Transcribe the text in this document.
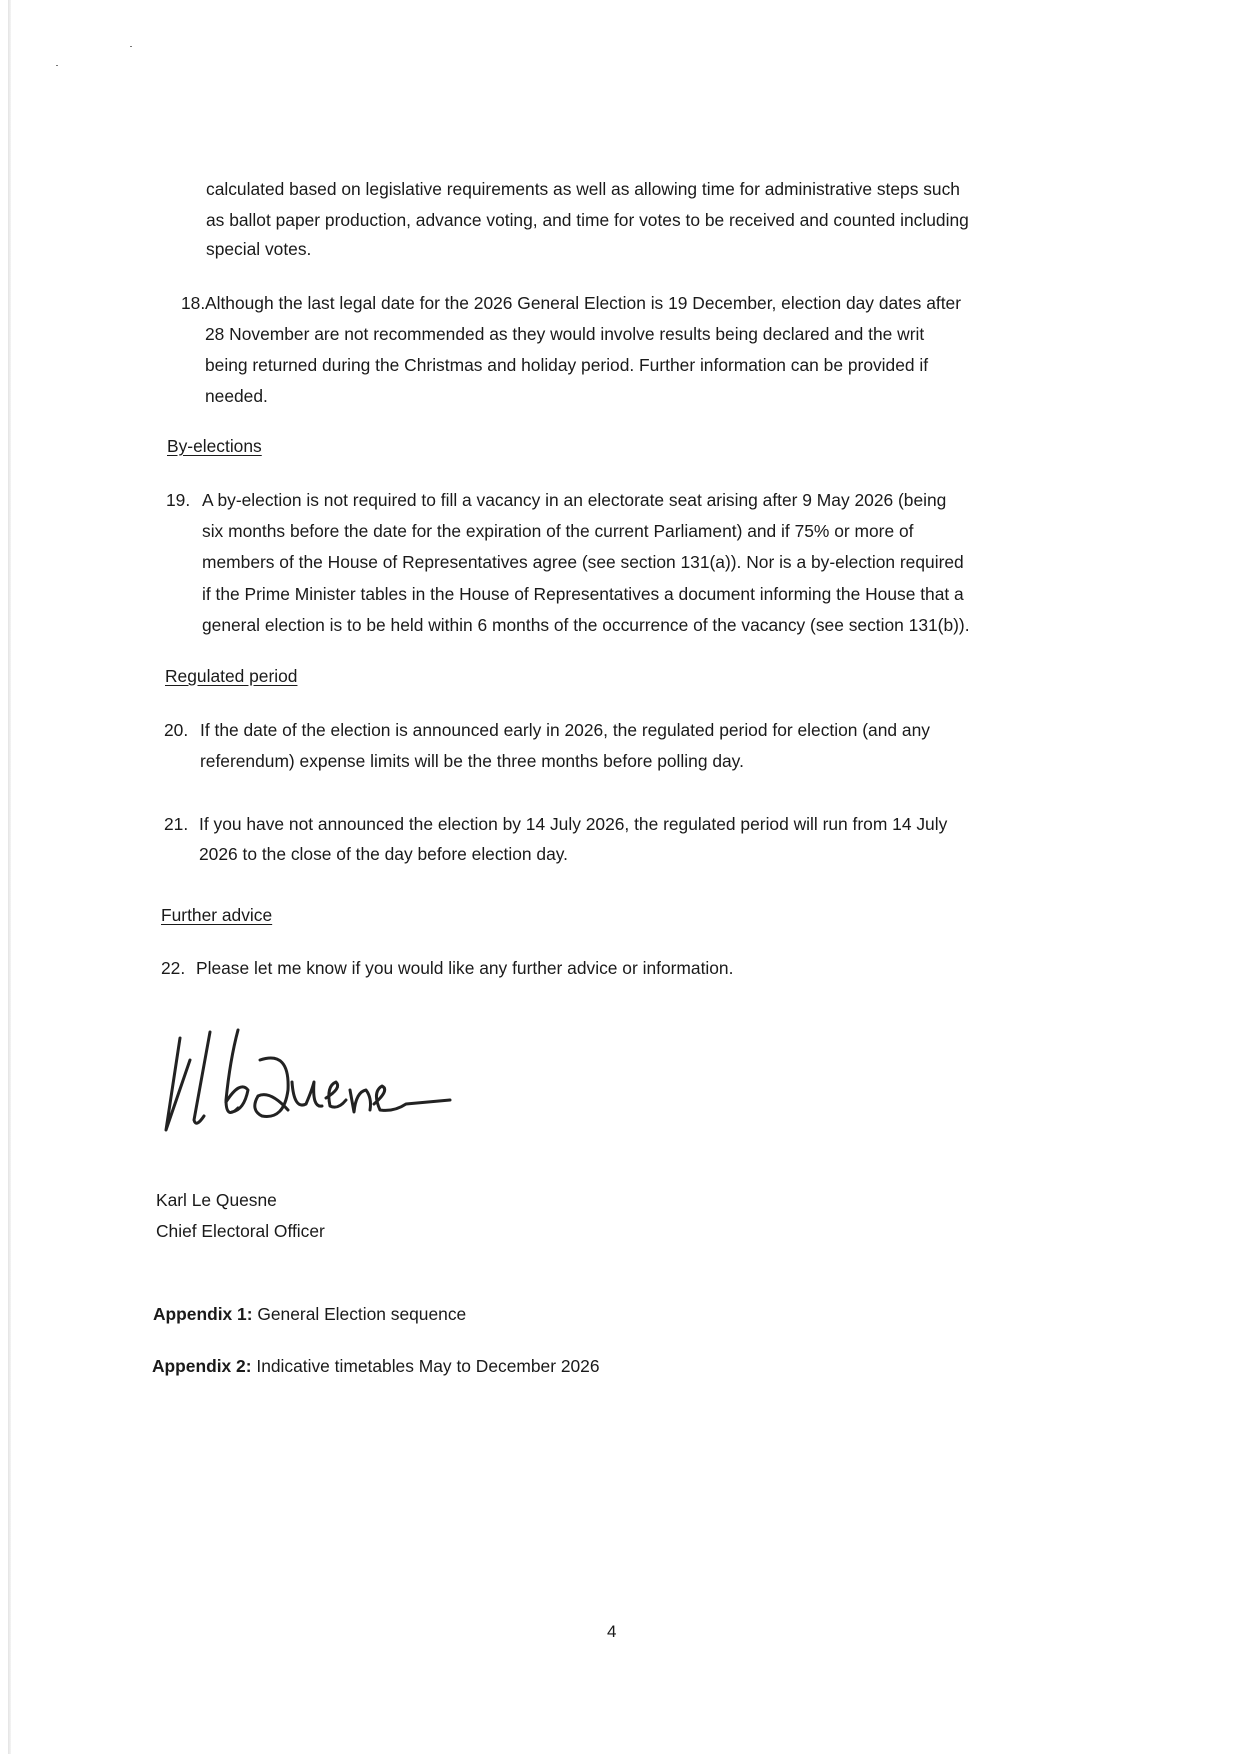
calculated based on legislative requirements as well as allowing time for administrative steps such
as ballot paper production, advance voting, and time for votes to be received and counted including
special votes.
18. Although the last legal date for the 2026 General Election is 19 December, election day dates after
28 November are not recommended as they would involve results being declared and the writ
being returned during the Christmas and holiday period. Further information can be provided if
needed.
By-elections
19. A by-election is not required to fill a vacancy in an electorate seat arising after 9 May 2026 (being
six months before the date for the expiration of the current Parliament) and if 75% or more of
members of the House of Representatives agree (see section 131(a)). Nor is a by-election required
if the Prime Minister tables in the House of Representatives a document informing the House that a
general election is to be held within 6 months of the occurrence of the vacancy (see section 131(b)).
Regulated period
20. If the date of the election is announced early in 2026, the regulated period for election (and any
referendum) expense limits will be the three months before polling day.
21. If you have not announced the election by 14 July 2026, the regulated period will run from 14 July
2026 to the close of the day before election day.
Further advice
22. Please let me know if you would like any further advice or information.
Karl Le Quesne
Chief Electoral Officer
Appendix 1: General Election sequence
Appendix 2: Indicative timetables May to December 2026
4
